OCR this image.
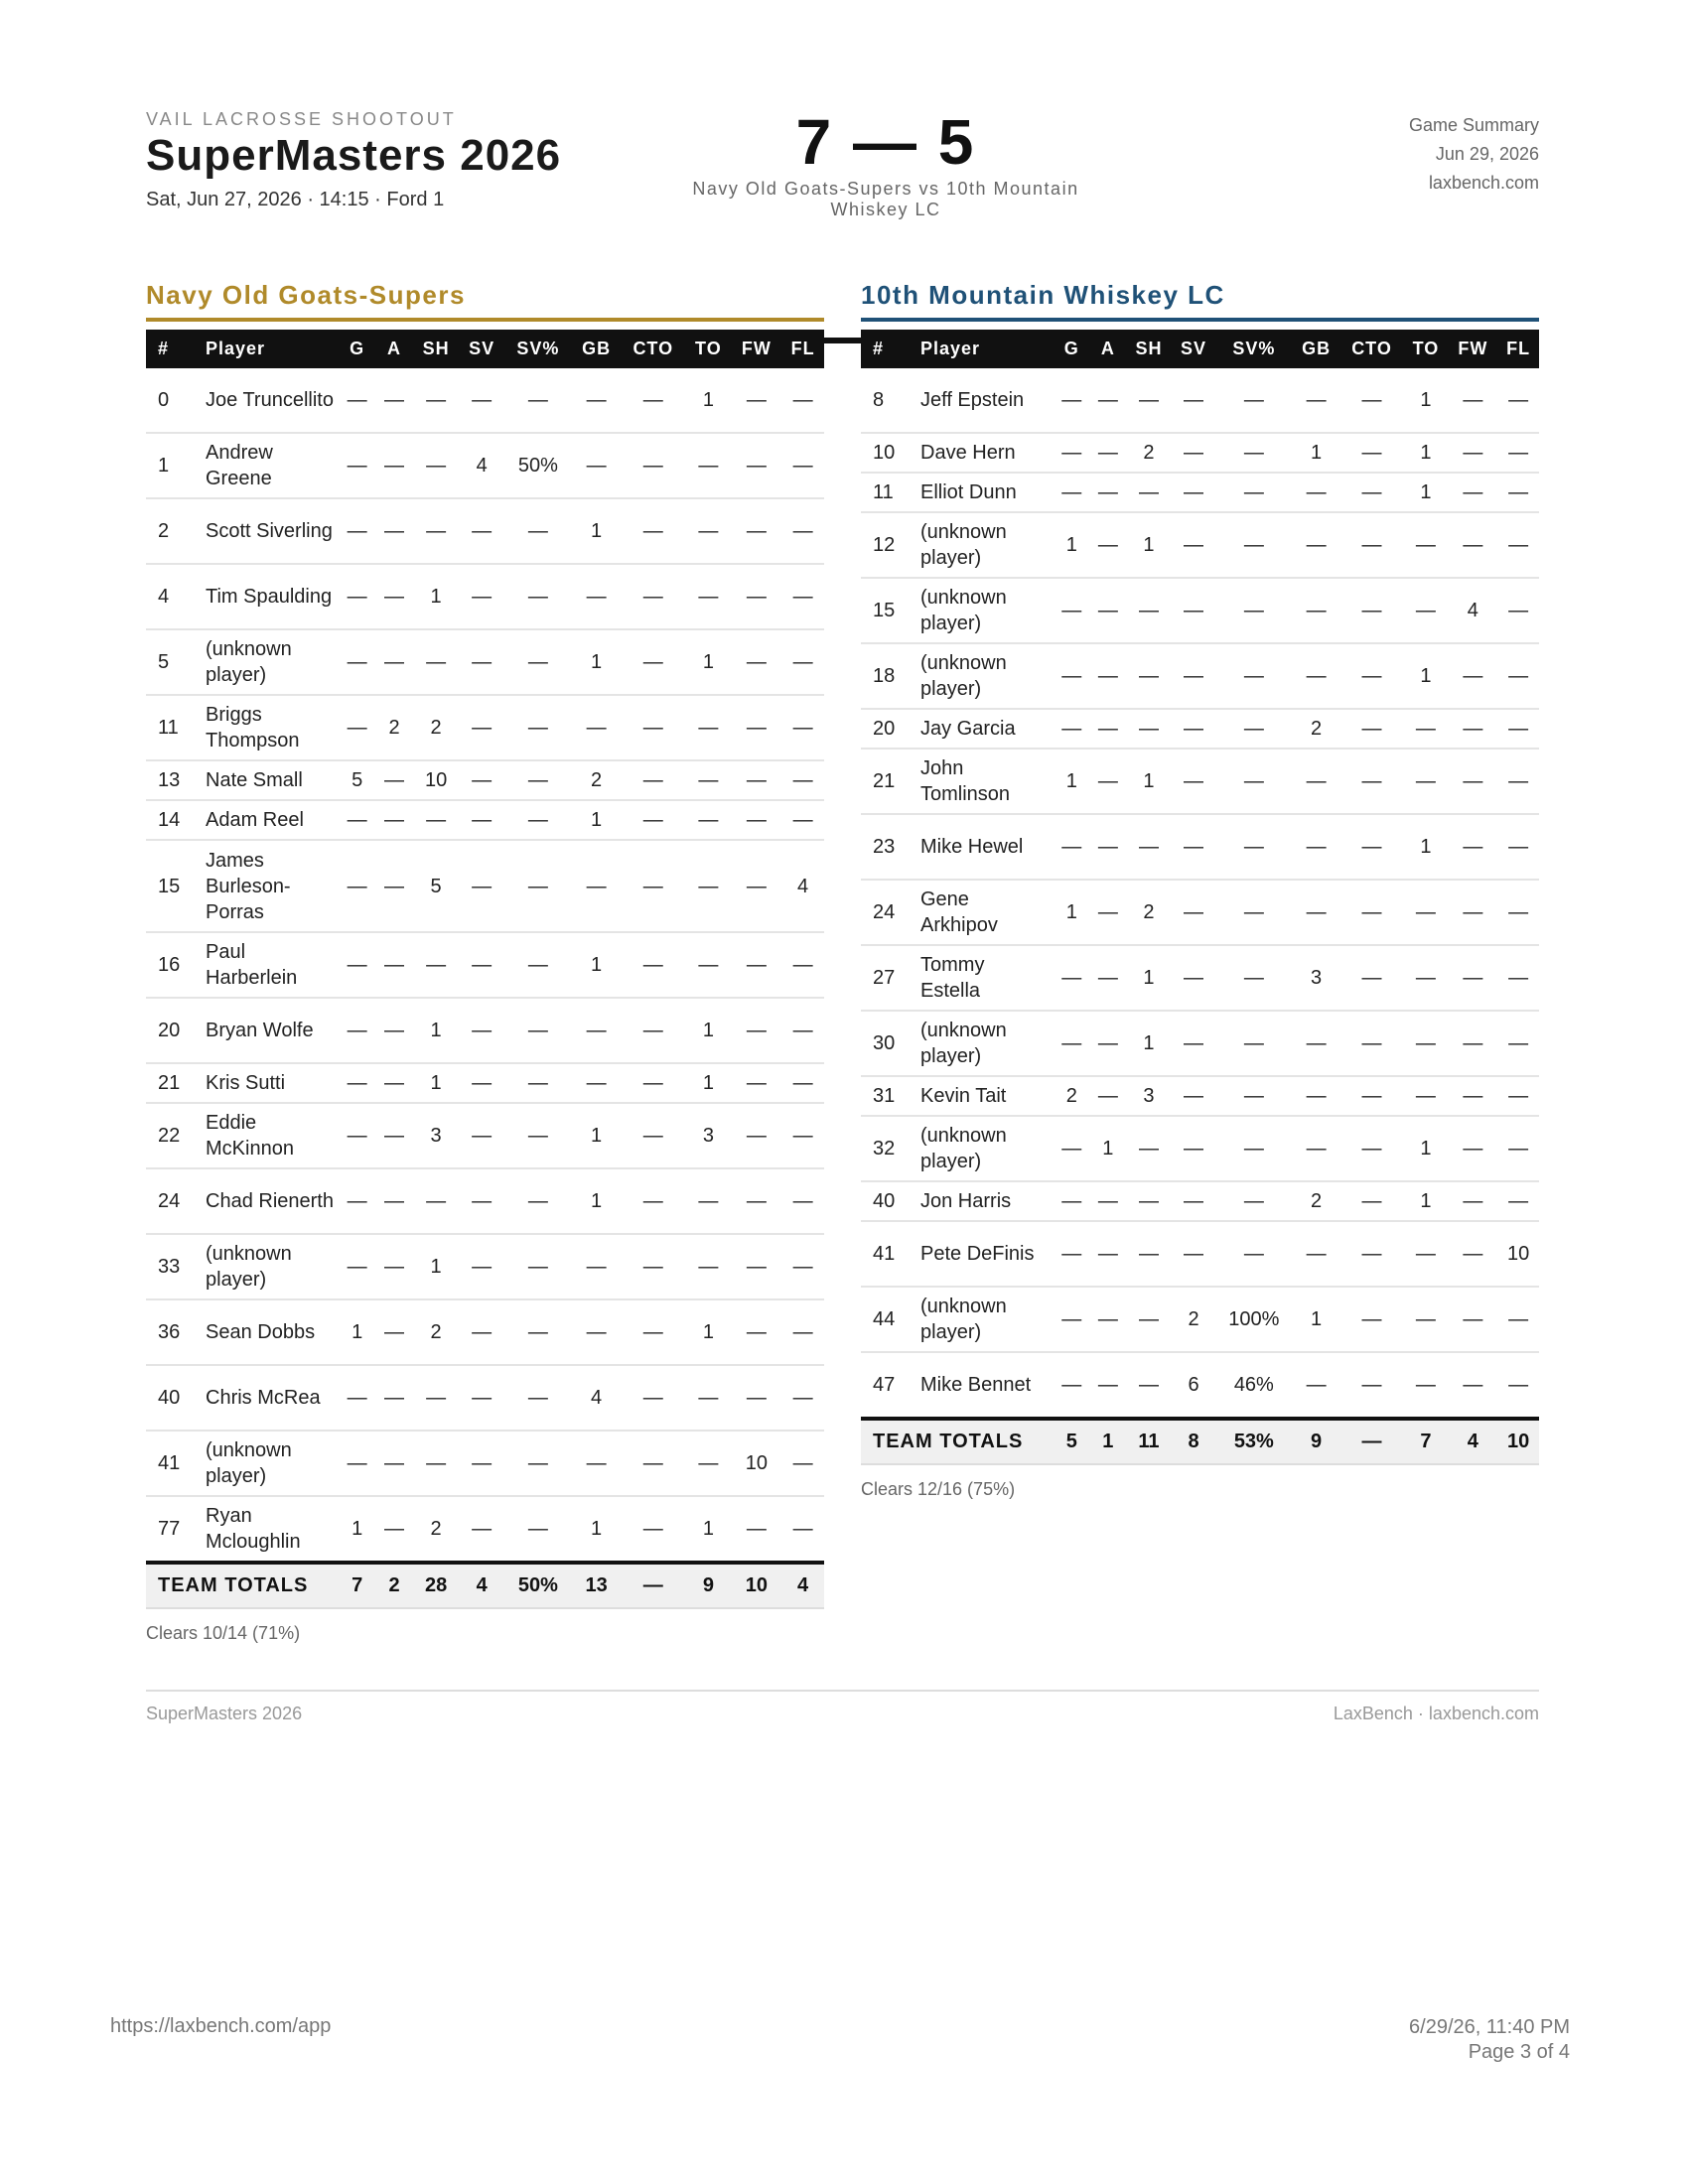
VAIL LACROSSE SHOOTOUT
SuperMasters 2026
Sat, Jun 27, 2026 · 14:15 · Ford 1
7 — 5
Navy Old Goats-Supers vs 10th Mountain Whiskey LC
Game Summary
Jun 29, 2026
laxbench.com
Navy Old Goats-Supers
#	Player	G	A	SH	SV	SV%	GB	CTO	TO	FW	FL
0	Joe Truncellito	—	—	—	—	—	—	—	1	—	—
1	Andrew Greene	—	—	—	4	50%	—	—	—	—	—
2	Scott Siverling	—	—	—	—	—	1	—	—	—	—
4	Tim Spaulding	—	—	1	—	—	—	—	—	—	—
5	(unknown player)	—	—	—	—	—	1	—	1	—	—
11	Briggs Thompson	—	2	2	—	—	—	—	—	—	—
13	Nate Small	5	—	10	—	—	2	—	—	—	—
14	Adam Reel	—	—	—	—	—	1	—	—	—	—
15	James Burleson-Porras	—	—	5	—	—	—	—	—	—	4
16	Paul Harberlein	—	—	—	—	—	1	—	—	—	—
20	Bryan Wolfe	—	—	1	—	—	—	—	1	—	—
21	Kris Sutti	—	—	1	—	—	—	—	1	—	—
22	Eddie McKinnon	—	—	3	—	—	1	—	3	—	—
24	Chad Rienerth	—	—	—	—	—	1	—	—	—	—
33	(unknown player)	—	—	1	—	—	—	—	—	—	—
36	Sean Dobbs	1	—	2	—	—	—	—	1	—	—
40	Chris McRea	—	—	—	—	—	4	—	—	—	—
41	(unknown player)	—	—	—	—	—	—	—	—	10	—
77	Ryan Mcloughlin	1	—	2	—	—	1	—	1	—	—
TEAM TOTALS		7	2	28	4	50%	13	—	9	10	4
Clears 10/14 (71%)
10th Mountain Whiskey LC
#	Player	G	A	SH	SV	SV%	GB	CTO	TO	FW	FL
8	Jeff Epstein	—	—	—	—	—	—	—	1	—	—
10	Dave Hern	—	—	2	—	—	1	—	1	—	—
11	Elliot Dunn	—	—	—	—	—	—	—	1	—	—
12	(unknown player)	1	—	1	—	—	—	—	—	—	—
15	(unknown player)	—	—	—	—	—	—	—	—	4	—
18	(unknown player)	—	—	—	—	—	—	—	1	—	—
20	Jay Garcia	—	—	—	—	—	2	—	—	—	—
21	John Tomlinson	1	—	1	—	—	—	—	—	—	—
23	Mike Hewel	—	—	—	—	—	—	—	1	—	—
24	Gene Arkhipov	1	—	2	—	—	—	—	—	—	—
27	Tommy Estella	—	—	1	—	—	3	—	—	—	—
30	(unknown player)	—	—	1	—	—	—	—	—	—	—
31	Kevin Tait	2	—	3	—	—	—	—	—	—	—
32	(unknown player)	—	1	—	—	—	—	—	1	—	—
40	Jon Harris	—	—	—	—	—	2	—	1	—	—
41	Pete DeFinis	—	—	—	—	—	—	—	—	—	10
44	(unknown player)	—	—	—	2	100%	1	—	—	—	—
47	Mike Bennet	—	—	—	6	46%	—	—	—	—	—
TEAM TOTALS		5	1	11	8	53%	9	—	7	4	10
Clears 12/16 (75%)
SuperMasters 2026	LaxBench · laxbench.com
https://laxbench.com/app	6/29/26, 11:40 PM
Page 3 of 4
